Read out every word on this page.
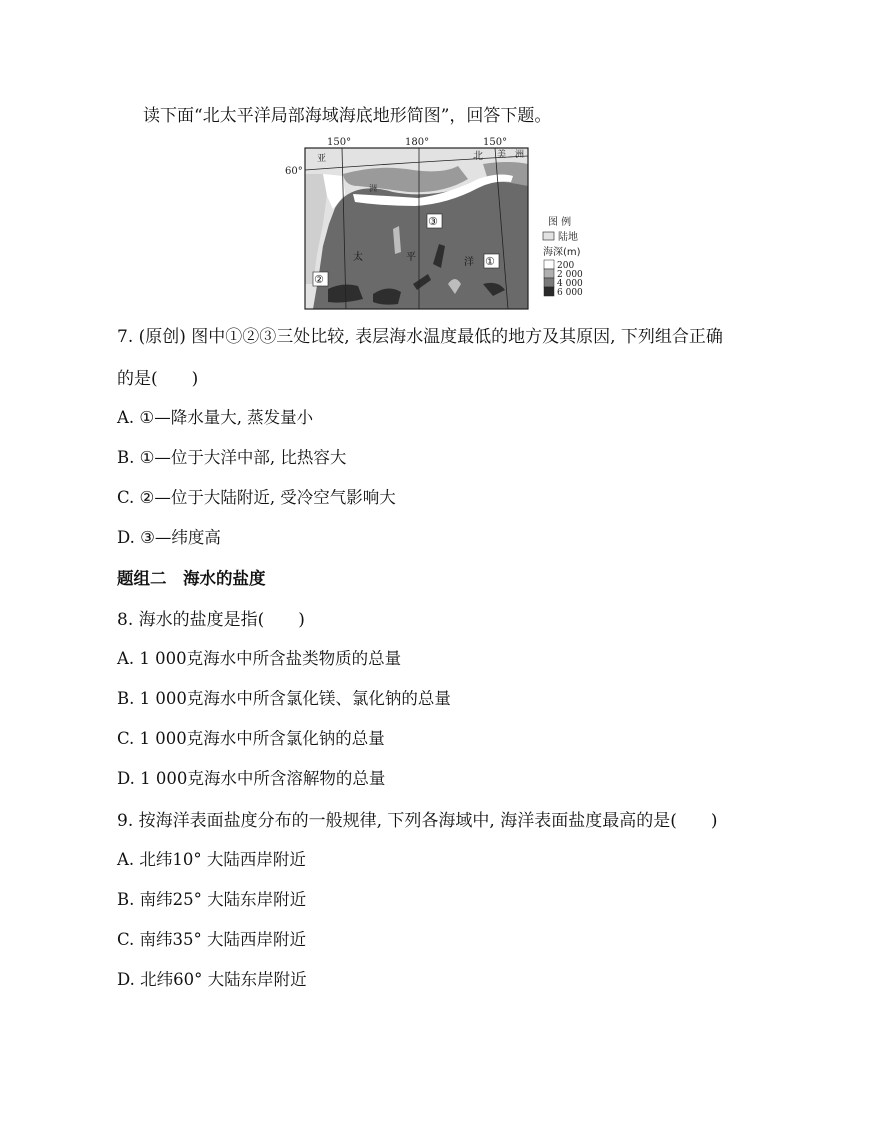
读下面“北太平洋局部海域海底地形简图”，回答下题。
150°	180°	150°
60°
亚
洲
北 美 洲
太	平	洋 ①
②
③	图 例
陆地
海深(m)
200
2 000
4 000
6 000
7. (原创) 图中①②③三处比较, 表层海水温度最低的地方及其原因, 下列组合正确
的是(　　)
A. ①—降水量大, 蒸发量小
B. ①—位于大洋中部, 比热容大
C. ②—位于大陆附近, 受冷空气影响大
D. ③—纬度高
题组二　海水的盐度
8. 海水的盐度是指(　　)
A. 1 000克海水中所含盐类物质的总量
B. 1 000克海水中所含氯化镁、氯化钠的总量
C. 1 000克海水中所含氯化钠的总量
D. 1 000克海水中所含溶解物的总量
9. 按海洋表面盐度分布的一般规律, 下列各海域中, 海洋表面盐度最高的是(　　)
A. 北纬10° 大陆西岸附近
B. 南纬25° 大陆东岸附近
C. 南纬35° 大陆西岸附近
D. 北纬60° 大陆东岸附近
